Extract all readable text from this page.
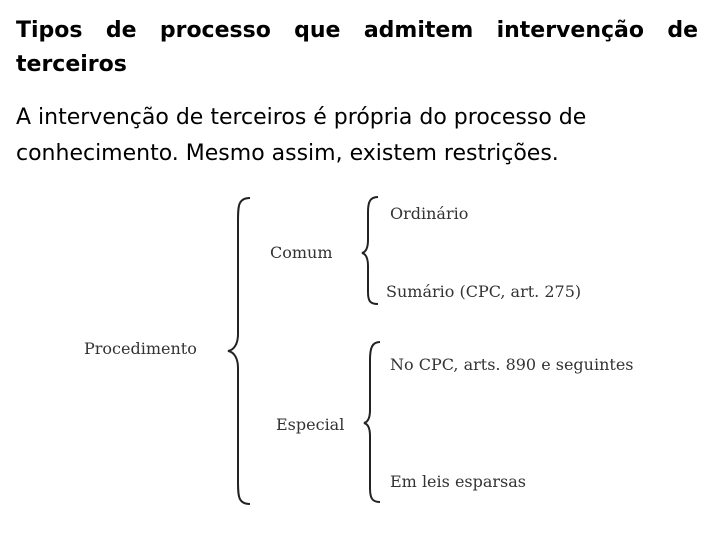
Tipos de processo que admitem intervenção de terceiros

A intervenção de terceiros é própria do processo de conhecimento. Mesmo assim, existem restrições.

Procedimento
Comum
Especial
Ordinário
Sumário (CPC, art. 275)
No CPC, arts. 890 e seguintes
Em leis esparsas
